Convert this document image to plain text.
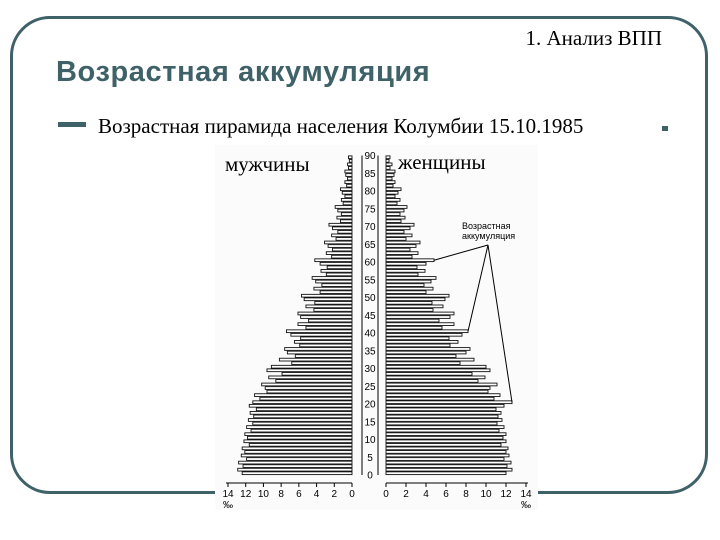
1. Анализ ВПП
Возрастная аккумуляция
Возрастная пирамида населения Колумбии 15.10.1985
мужчины	женщины
0
5
10
15
20
25
30
35
40
45
50
55
60
65
70
75
80
85
90
14 12 10 8 6 4 2 0	0 2 4 6 8 10 12 14
‰	‰
Возрастная
аккумуляция
